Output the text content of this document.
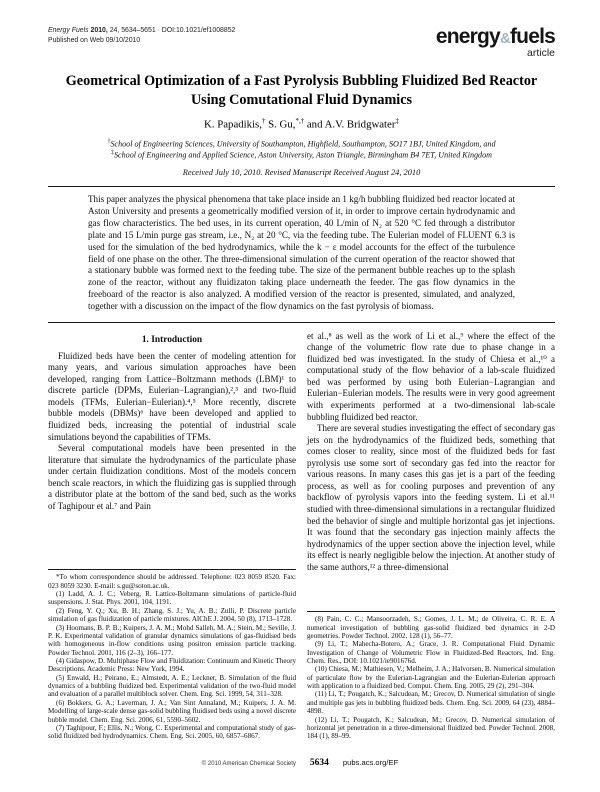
Energy Fuels 2010, 24, 5634–5651 · DOI:10.1021/ef1008852
Published on Web 09/10/2010	energy&fuels
article
Geometrical Optimization of a Fast Pyrolysis Bubbling Fluidized Bed Reactor
Using Comutational Fluid Dynamics
K. Papadikis,† S. Gu,*,† and A.V. Bridgwater‡
†School of Engineering Sciences, University of Southampton, Highfield, Southampton, SO17 1BJ, United Kingdom, and
‡School of Engineering and Applied Science, Aston University, Aston Triangle, Birmingham B4 7ET, United Kingdom
Received July 10, 2010. Revised Manuscript Received August 24, 2010

This paper analyzes the physical phenomena that take place inside an 1 kg/h bubbling fluidized bed reactor located at Aston University and presents a geometrically modified version of it, in order to improve certain hydrodynamic and gas flow characteristics. The bed uses, in its current operation, 40 L/min of N₂ at 520 °C fed through a distributor plate and 15 L/min purge gas stream, i.e., N₂ at 20 °C, via the feeding tube. The Eulerian model of FLUENT 6.3 is used for the simulation of the bed hydrodynamics, while the k − ε model accounts for the effect of the turbulence field of one phase on the other. The three-dimensional simulation of the current operation of the reactor showed that a stationary bubble was formed next to the feeding tube. The size of the permanent bubble reaches up to the splash zone of the reactor, without any fluidizaton taking place underneath the feeder. The gas flow dynamics in the freeboard of the reactor is also analyzed. A modified version of the reactor is presented, simulated, and analyzed, together with a discussion on the impact of the flow dynamics on the fast pyrolysis of biomass.

1. Introduction

Fluidized beds have been the center of modeling attention for many years, and various simulation approaches have been developed, ranging from Lattice−Boltzmann methods (LBM)¹ to discrete particle (DPMs, Eulerian−Lagrangian),²,³ and two-fluid models (TFMs, Eulerian−Eulerian).⁴,⁵ More recently, discrete bubble models (DBMs)⁶ have been developed and applied to fluidized beds, increasing the potential of industrial scale simulations beyond the capabilities of TFMs.

Several computational models have been presented in the literature that simulate the hydrodynamics of the particulate phase under certain fluidization conditions. Most of the models concern bench scale reactors, in which the fluidizing gas is supplied through a distributor plate at the bottom of the sand bed, such as the works of Taghipour et al.⁷ and Pain

*To whom correspondence should be addressed. Telephone: 023 8059 8520. Fax: 023 8059 3230. E-mail: s.gu@soton.ac.uk.

(1) Ladd, A. J. C.; Veberg, R. Lattice-Boltzmann simulations of particle-fluid suspensions. J. Stat. Phys. 2001, 104, 1191.

(2) Feng, Y. Q.; Xu, B. H.; Zhang, S. J.; Yu, A. B.; Zulli, P. Discrete particle simulation of gas fluidization of particle mixtures. AIChE J. 2004, 50 (8), 1713–1728.

(3) Hoomans, B. P. B.; Kuipers, J. A. M.; Mohd Salleh, M. A.; Stein, M.; Seville, J. P. K. Experimental validation of granular dynamics simulations of gas-fluidised beds with homogeneous in-flow conditions using positron emission particle tracking. Powder Technol. 2001, 116 (2–3), 166–177.

(4) Gidaspow, D. Multiphase Flow and Fluidization: Continuum and Kinetic Theory Descriptions. Academic Press: New York, 1994.

(5) Enwald, H.; Peirano, E.; Almstedt, A. E.; Leckner, B. Simulation of the fluid dynamics of a bubbling fluidized bed. Experimental validation of the two-fluid model and evaluation of a parallel multiblock solver. Chem. Eng. Sci. 1999, 54, 311–328.

(6) Bokkers, G. A.; Laverman, J. A.; Van Sint Annaland, M.; Kuipers, J. A. M. Modelling of large-scale dense gas-solid bubbling fluidised beds using a novel discrete bubble model. Chem. Eng. Sci. 2006, 61, 5590–5602.

(7) Taghipour, F.; Ellis, N.; Wong, C. Experimental and computational study of gas-solid fluidized bed hydrodynamics. Chem. Eng. Sci. 2005, 60, 6857–6867.

et al.,⁸ as well as the work of Li et al.,⁹ where the effect of the change of the volumetric flow rate due to phase change in a fluidized bed was investigated. In the study of Chiesa et al.,¹⁰ a computational study of the flow behavior of a lab-scale fluidized bed was performed by using both Eulerian−Lagrangian and Eulerian−Eulerian models. The results were in very good agreement with experiments performed at a two-dimensional lab-scale bubbling fluidized bed reactor.

There are several studies investigating the effect of secondary gas jets on the hydrodynamics of the fluidized beds, something that comes closer to reality, since most of the fluidized beds for fast pyrolysis use some sort of secondary gas fed into the reactor for various reasons. In many cases this gas jet is a part of the feeding process, as well as for cooling purposes and prevention of any backflow of pyrolysis vapors into the feeding system. Li et al.¹¹ studied with three-dimensional simulations in a rectangular fluidized bed the behavior of single and multiple horizontal gas jet injections. It was found that the secondary gas injection mainly affects the hydrodynamics of the upper section above the injection level, while its effect is nearly negligible below the injection. At another study of the same authors,¹² a three-dimensional

(8) Pain, C. C.; Mansoorzadeh, S.; Gomes, J. L. M.; de Oliveira, C. R. E. A numerical investigation of bubbling gas-solid fluidized bed dynamics in 2-D geometries. Powder Technol. 2002, 128 (1), 56–77.

(9) Li, T.; Mahecha-Botero, A.; Grace, J. R. Computational Fluid Dynamic Investigation of Change of Volumetric Flow in Fluidized-Bed Reactors, Ind. Eng. Chem. Res., DOI: 10.1021/ie901676d.

(10) Chiesa, M.; Mathiesen, V.; Melheim, J. A.; Halvorsen, B. Numerical simulation of particulate flow by the Eulerian-Lagrangian and the Eulerian-Eulerian approach with application to a fluidized bed. Comput. Chem. Eng. 2005, 29 (2), 291–304.

(11) Li, T.; Pougatch, K.; Salcudean, M.; Grecov, D. Numerical simulation of single and multiple gas jets in bubbling fluidized beds. Chem. Eng. Sci. 2009, 64 (23), 4884–4898.

(12) Li, T.; Pougatch, K.; Salcudean, M.; Grecov, D. Numerical simulation of horizontal jet penetration in a three-dimensional fluidized bed. Powder Technol. 2008, 184 (1), 89–99.

© 2010 American Chemical Society 5634 pubs.acs.org/EF
